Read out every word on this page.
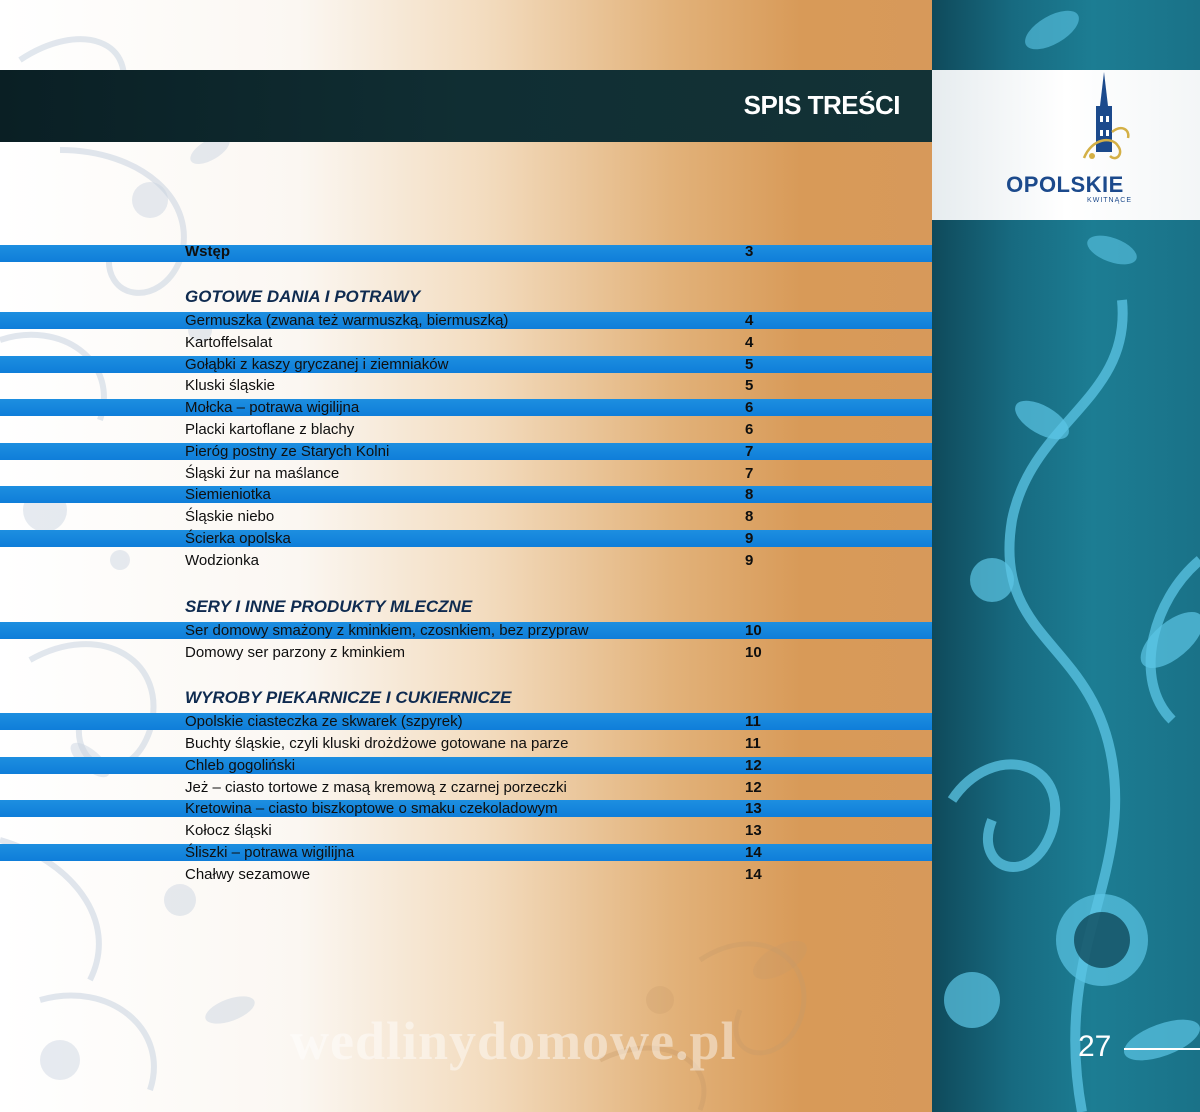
OPOLSKIE
KWITNĄCE
SPIS TREŚCI
Wstęp	3
GOTOWE DANIA I POTRAWY
Germuszka (zwana też warmuszką, biermuszką)	4
Kartoffelsalat	4
Gołąbki z kaszy gryczanej i ziemniaków	5
Kluski śląskie	5
Mołcka – potrawa wigilijna	6
Placki kartoflane z blachy	6
Pieróg postny ze Starych Kolni	7
Śląski żur na maślance	7
Siemieniotka	8
Śląskie niebo	8
Ścierka opolska	9
Wodzionka	9
SERY I INNE PRODUKTY MLECZNE
Ser domowy smażony z kminkiem, czosnkiem, bez przypraw	10
Domowy ser parzony z kminkiem	10
WYROBY PIEKARNICZE I CUKIERNICZE
Opolskie ciasteczka ze skwarek (szpyrek)	11
Buchty śląskie, czyli kluski drożdżowe gotowane na parze	11
Chleb gogoliński	12
Jeż – ciasto tortowe z masą kremową z czarnej porzeczki	12
Kretowina – ciasto biszkoptowe o smaku czekoladowym	13
Kołocz śląski	13
Śliszki – potrawa wigilijna	14
Chałwy sezamowe	14
wedlinydomowe.pl	27
